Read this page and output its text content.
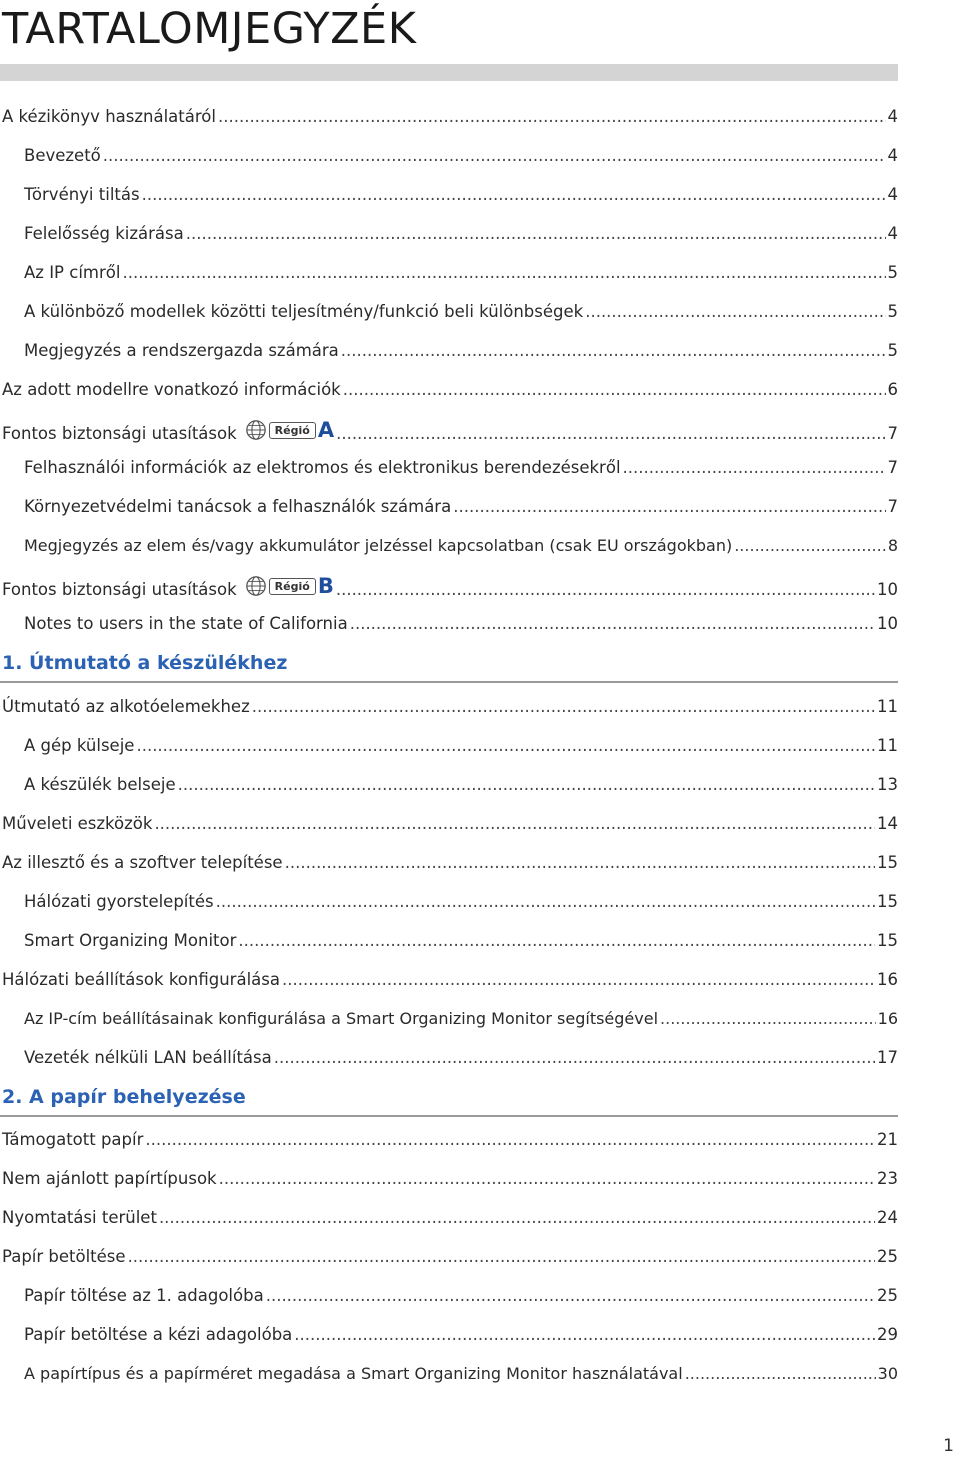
TARTALOMJEGYZÉK
A kézikönyv használatáról .....	4
Bevezető .....	4
Törvényi tiltás .....	4
Felelősség kizárása .....	4
Az IP címről .....	5
A különböző modellek közötti teljesítmény/funkció beli különbségek .....	5
Megjegyzés a rendszergazda számára .....	5
Az adott modellre vonatkozó információk .....	6
Fontos biztonsági utasítások	Régió A .....	7
Felhasználói információk az elektromos és elektronikus berendezésekről .....	7
Környezetvédelmi tanácsok a felhasználók számára .....	7
Megjegyzés az elem és/vagy akkumulátor jelzéssel kapcsolatban (csak EU országokban) .....	8
Fontos biztonsági utasítások	Régió B .....	10
Notes to users in the state of California .....	10
1. Útmutató a készülékhez
Útmutató az alkotóelemekhez .....	11
A gép külseje .....	11
A készülék belseje .....	13
Műveleti eszközök .....	14
Az illesztő és a szoftver telepítése .....	15
Hálózati gyorstelepítés .....	15
Smart Organizing Monitor .....	15
Hálózati beállítások konfigurálása .....	16
Az IP-cím beállításainak konfigurálása a Smart Organizing Monitor segítségével .....	16
Vezeték nélküli LAN beállítása .....	17
2. A papír behelyezése
Támogatott papír .....	21
Nem ajánlott papírtípusok .....	23
Nyomtatási terület .....	24
Papír betöltése .....	25
Papír töltése az 1. adagolóba .....	25
Papír betöltése a kézi adagolóba .....	29
A papírtípus és a papírméret megadása a Smart Organizing Monitor használatával .....	30
1
